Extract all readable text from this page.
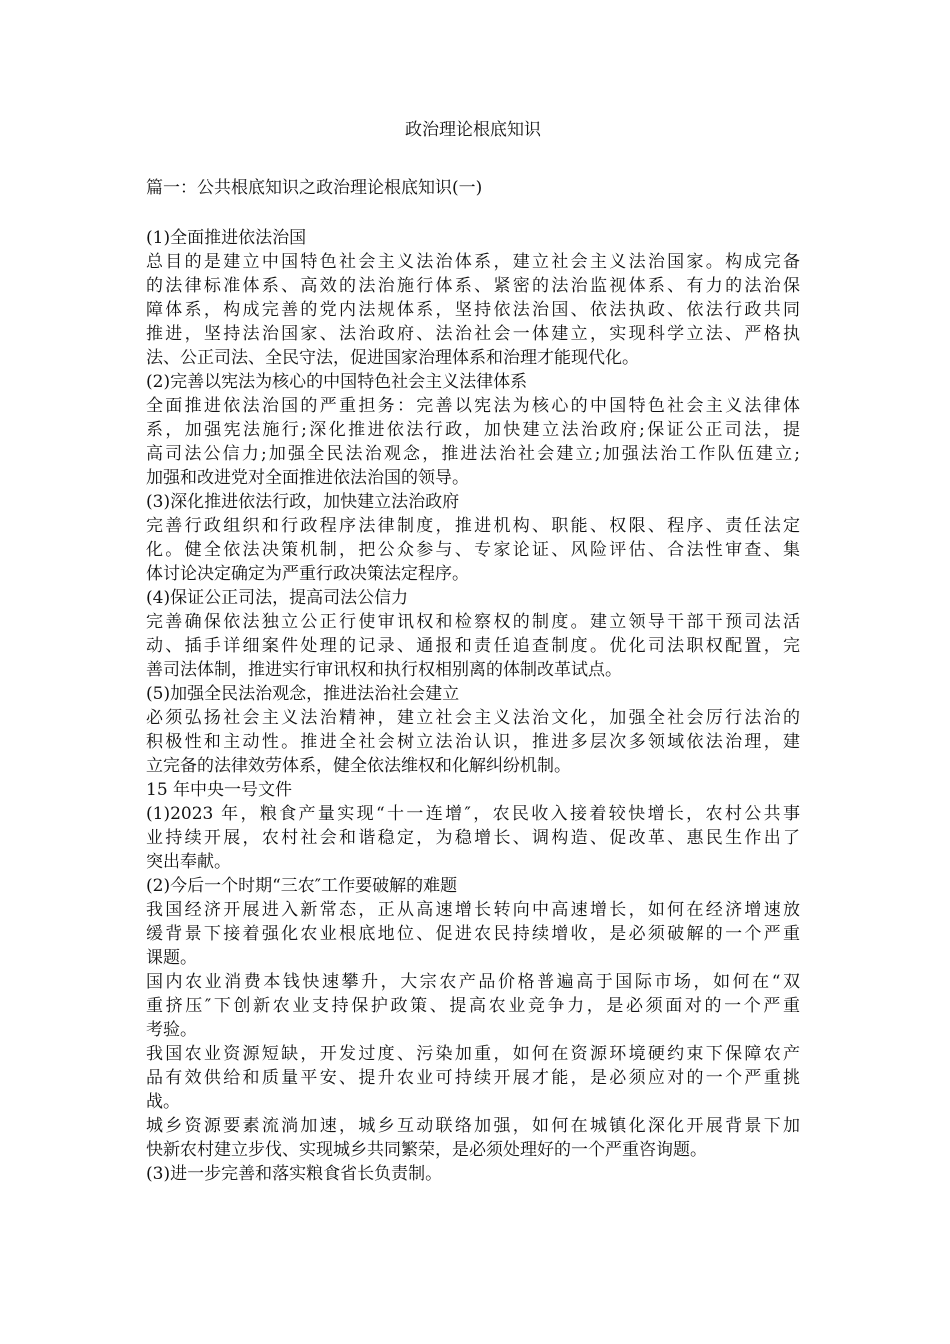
政治理论根底知识
篇一：公共根底知识之政治理论根底知识(一)
(1)全面推进依法治国
总目的是建立中国特色社会主义法治体系，建立社会主义法治国家。构成完备
的法律标准体系、高效的法治施行体系、紧密的法治监视体系、有力的法治保
障体系，构成完善的党内法规体系，坚持依法治国、依法执政、依法行政共同
推进，坚持法治国家、法治政府、法治社会一体建立，实现科学立法、严格执
法、公正司法、全民守法，促进国家治理体系和治理才能现代化。
(2)完善以宪法为核心的中国特色社会主义法律体系
全面推进依法治国的严重担务：完善以宪法为核心的中国特色社会主义法律体
系，加强宪法施行;深化推进依法行政，加快建立法治政府;保证公正司法，提
高司法公信力;加强全民法治观念，推进法治社会建立;加强法治工作队伍建立;
加强和改进党对全面推进依法治国的领导。
(3)深化推进依法行政，加快建立法治政府
完善行政组织和行政程序法律制度，推进机构、职能、权限、程序、责任法定
化。健全依法决策机制，把公众参与、专家论证、风险评估、合法性审查、集
体讨论决定确定为严重行政决策法定程序。
(4)保证公正司法，提高司法公信力
完善确保依法独立公正行使审讯权和检察权的制度。建立领导干部干预司法活
动、插手详细案件处理的记录、通报和责任追查制度。优化司法职权配置，完
善司法体制，推进实行审讯权和执行权相别离的体制改革试点。
(5)加强全民法治观念，推进法治社会建立
必须弘扬社会主义法治精神，建立社会主义法治文化，加强全社会厉行法治的
积极性和主动性。推进全社会树立法治认识，推进多层次多领域依法治理，建
立完备的法律效劳体系，健全依法维权和化解纠纷机制。
15 年中央一号文件
(1)2023 年，粮食产量实现“十一连增″，农民收入接着较快增长，农村公共事
业持续开展，农村社会和谐稳定，为稳增长、调构造、促改革、惠民生作出了
突出奉献。
(2)今后一个时期“三农″工作要破解的难题
我国经济开展进入新常态，正从高速增长转向中高速增长，如何在经济增速放
缓背景下接着强化农业根底地位、促进农民持续增收，是必须破解的一个严重
课题。
国内农业消费本钱快速攀升，大宗农产品价格普遍高于国际市场，如何在“双
重挤压″下创新农业支持保护政策、提高农业竞争力，是必须面对的一个严重
考验。
我国农业资源短缺，开发过度、污染加重，如何在资源环境硬约束下保障农产
品有效供给和质量平安、提升农业可持续开展才能，是必须应对的一个严重挑
战。
城乡资源要素流淌加速，城乡互动联络加强，如何在城镇化深化开展背景下加
快新农村建立步伐、实现城乡共同繁荣，是必须处理好的一个严重咨询题。
(3)进一步完善和落实粮食省长负责制。
